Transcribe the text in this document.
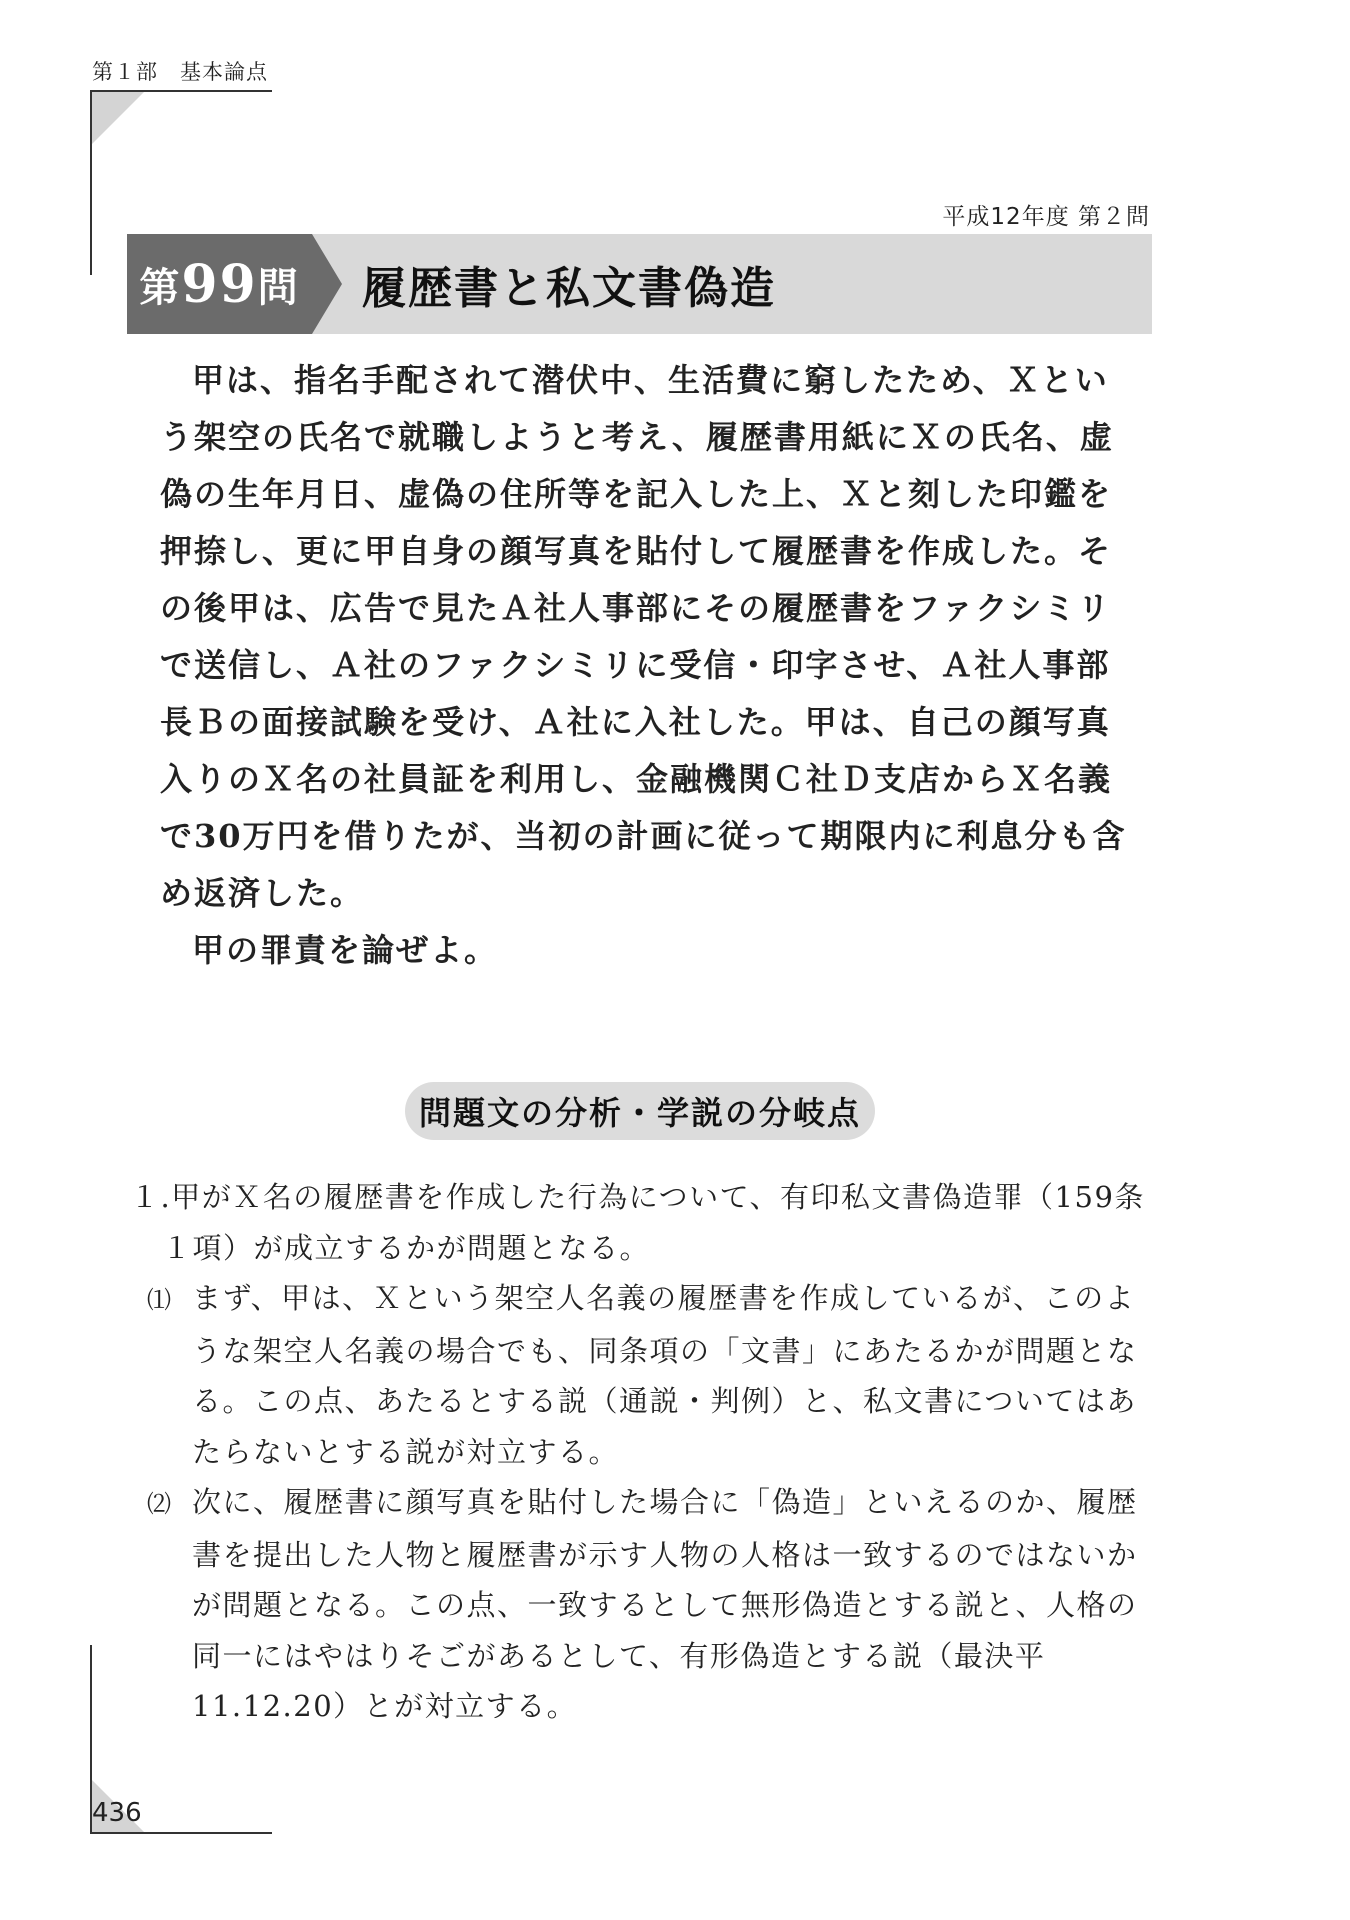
第１部　基本論点
平成12年度 第２問
第 99 問 履歴書と私文書偽造

甲は、指名手配されて潜伏中、生活費に窮したため、Ｘという架空の氏名で就職しようと考え、履歴書用紙にＸの氏名、虚偽の生年月日、虚偽の住所等を記入した上、Ｘと刻した印鑑を押捺し、更に甲自身の顔写真を貼付して履歴書を作成した。その後甲は、広告で見たＡ社人事部にその履歴書をファクシミリで送信し、Ａ社のファクシミリに受信・印字させ、Ａ社人事部長Ｂの面接試験を受け、Ａ社に入社した。甲は、自己の顔写真入りのＸ名の社員証を利用し、金融機関Ｃ社Ｄ支店からＸ名義で30万円を借りたが、当初の計画に従って期限内に利息分も含め返済した。

甲の罪責を論ぜよ。

問題文の分析・学説の分岐点

１.甲がＸ名の履歴書を作成した行為について、有印私文書偽造罪（159条１項）が成立するかが問題となる。

⑴ まず、甲は、Ｘという架空人名義の履歴書を作成しているが、このような架空人名義の場合でも、同条項の「文書」にあたるかが問題となる。この点、あたるとする説（通説・判例）と、私文書についてはあたらないとする説が対立する。

⑵ 次に、履歴書に顔写真を貼付した場合に「偽造」といえるのか、履歴書を提出した人物と履歴書が示す人物の人格は一致するのではないかが問題となる。この点、一致するとして無形偽造とする説と、人格の同一にはやはりそごがあるとして、有形偽造とする説（最決平11.12.20）とが対立する。

436
